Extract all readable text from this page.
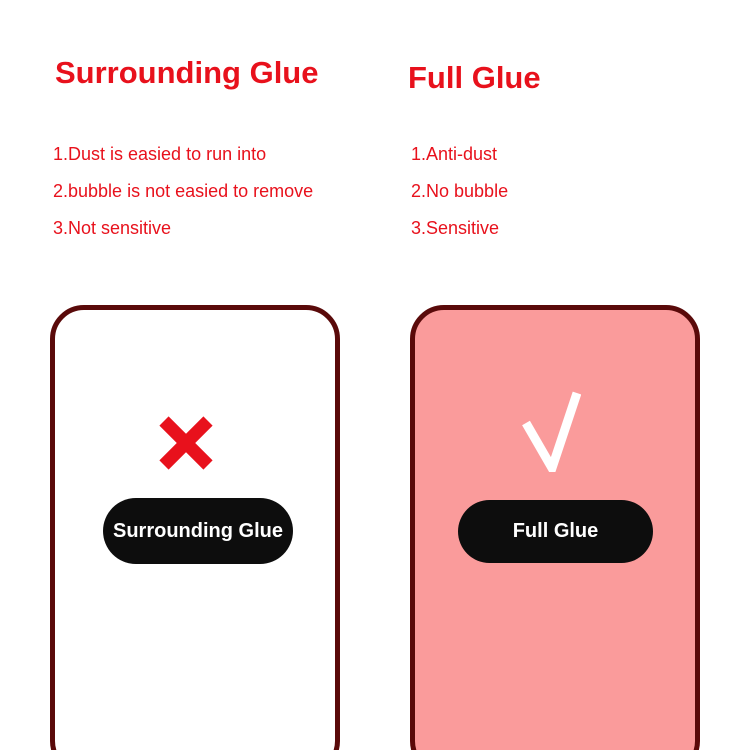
Surrounding Glue

1.Dust is easied to run into

2.bubble is not easied to remove

3.Not sensitive

Full Glue

1.Anti-dust

2.No bubble

3.Sensitive

Surrounding Glue	Full Glue
